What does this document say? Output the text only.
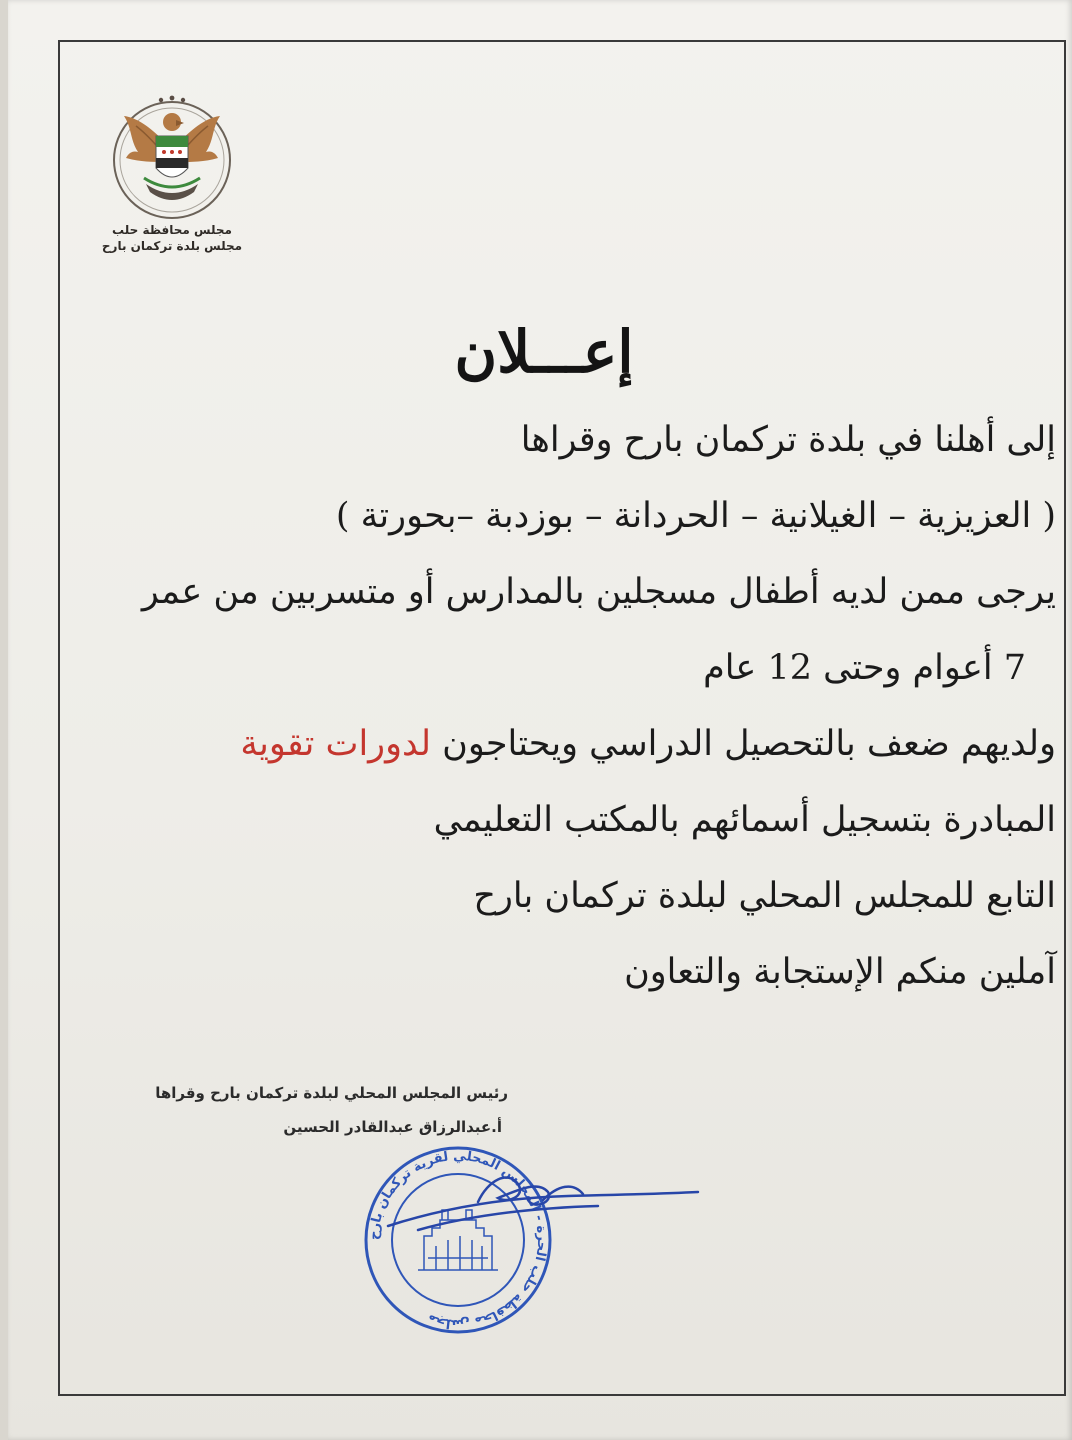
مجلس محافظة حلب
مجلس بلدة تركمان بارح
إعـــلان
إلى أهلنا في بلدة تركمان بارح وقراها
( العزيزية – الغيلانية – الحردانة – بوزدبة –بحورتة )
يرجى ممن لديه أطفال مسجلين بالمدارس أو متسربين من عمر
7 أعوام وحتى 12 عام
ولديهم ضعف بالتحصيل الدراسي ويحتاجون لدورات تقوية
المبادرة بتسجيل أسمائهم بالمكتب التعليمي
التابع للمجلس المحلي لبلدة تركمان بارح
آملين منكم الإستجابة والتعاون
رئيس المجلس المحلي لبلدة تركمان بارح وقراها
أ.عبدالرزاق عبدالقادر الحسين
مجلس محافظة حلب الحرة - المجلس المحلي لقرية تركمان بارح
